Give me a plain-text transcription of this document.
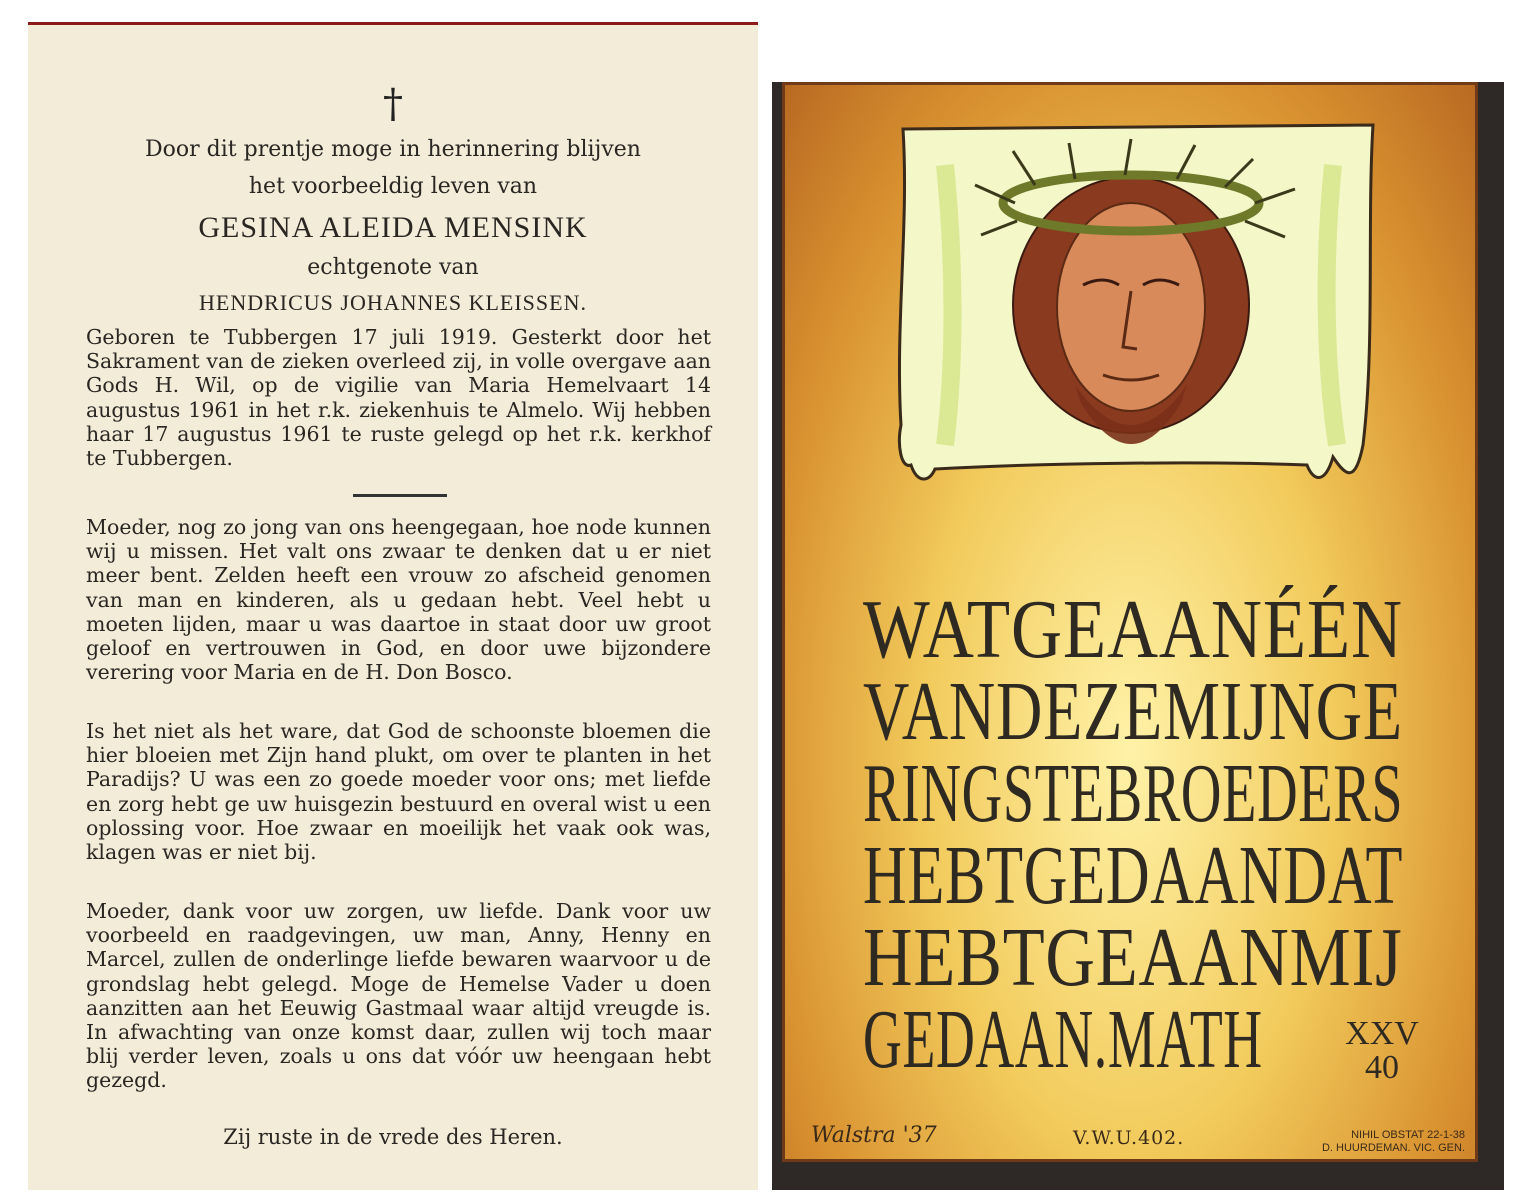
†
Door dit prentje moge in herinnering blijven
het voorbeeldig leven van
GESINA ALEIDA MENSINK
echtgenote van
HENDRICUS JOHANNES KLEISSEN.

Geboren te Tubbergen 17 juli 1919. Gesterkt door het Sakrament van de zieken overleed zij, in volle overgave aan Gods H. Wil, op de vigilie van Maria Hemelvaart 14 augustus 1961 in het r.k. ziekenhuis te Almelo. Wij hebben haar 17 augustus 1961 te ruste gelegd op het r.k. kerkhof te Tubbergen.

Moeder, nog zo jong van ons heengegaan, hoe node kunnen wij u missen. Het valt ons zwaar te denken dat u er niet meer bent. Zelden heeft een vrouw zo afscheid genomen van man en kinderen, als u gedaan hebt. Veel hebt u moeten lijden, maar u was daartoe in staat door uw groot geloof en vertrouwen in God, en door uwe bijzondere verering voor Maria en de H. Don Bosco.

Is het niet als het ware, dat God de schoonste bloemen die hier bloeien met Zijn hand plukt, om over te planten in het Paradijs? U was een zo goede moeder voor ons; met liefde en zorg hebt ge uw huisgezin bestuurd en overal wist u een oplossing voor. Hoe zwaar en moeilijk het vaak ook was, klagen was er niet bij.

Moeder, dank voor uw zorgen, uw liefde. Dank voor uw voorbeeld en raadgevingen, uw man, Anny, Henny en Marcel, zullen de onderlinge liefde bewaren waarvoor u de grondslag hebt gelegd. Moge de Hemelse Vader u doen aanzitten aan het Eeuwig Gastmaal waar altijd vreugde is. In afwachting van onze komst daar, zullen wij toch maar blij verder leven, zoals u ons dat vóór uw heengaan hebt gezegd.

Zij ruste in de vrede des Heren.
WATGEAANÉÉN
VANDEZEMIJNGE
RINGSTEBROEDERS
HEBTGEDAANDAT
HEBTGEAANMIJ
GEDAAN.MATH XXV
40
Walstra '37	V.W.U.402.	NIHIL OBSTAT 22-1-38
D. HUURDEMAN. VIC. GEN.
